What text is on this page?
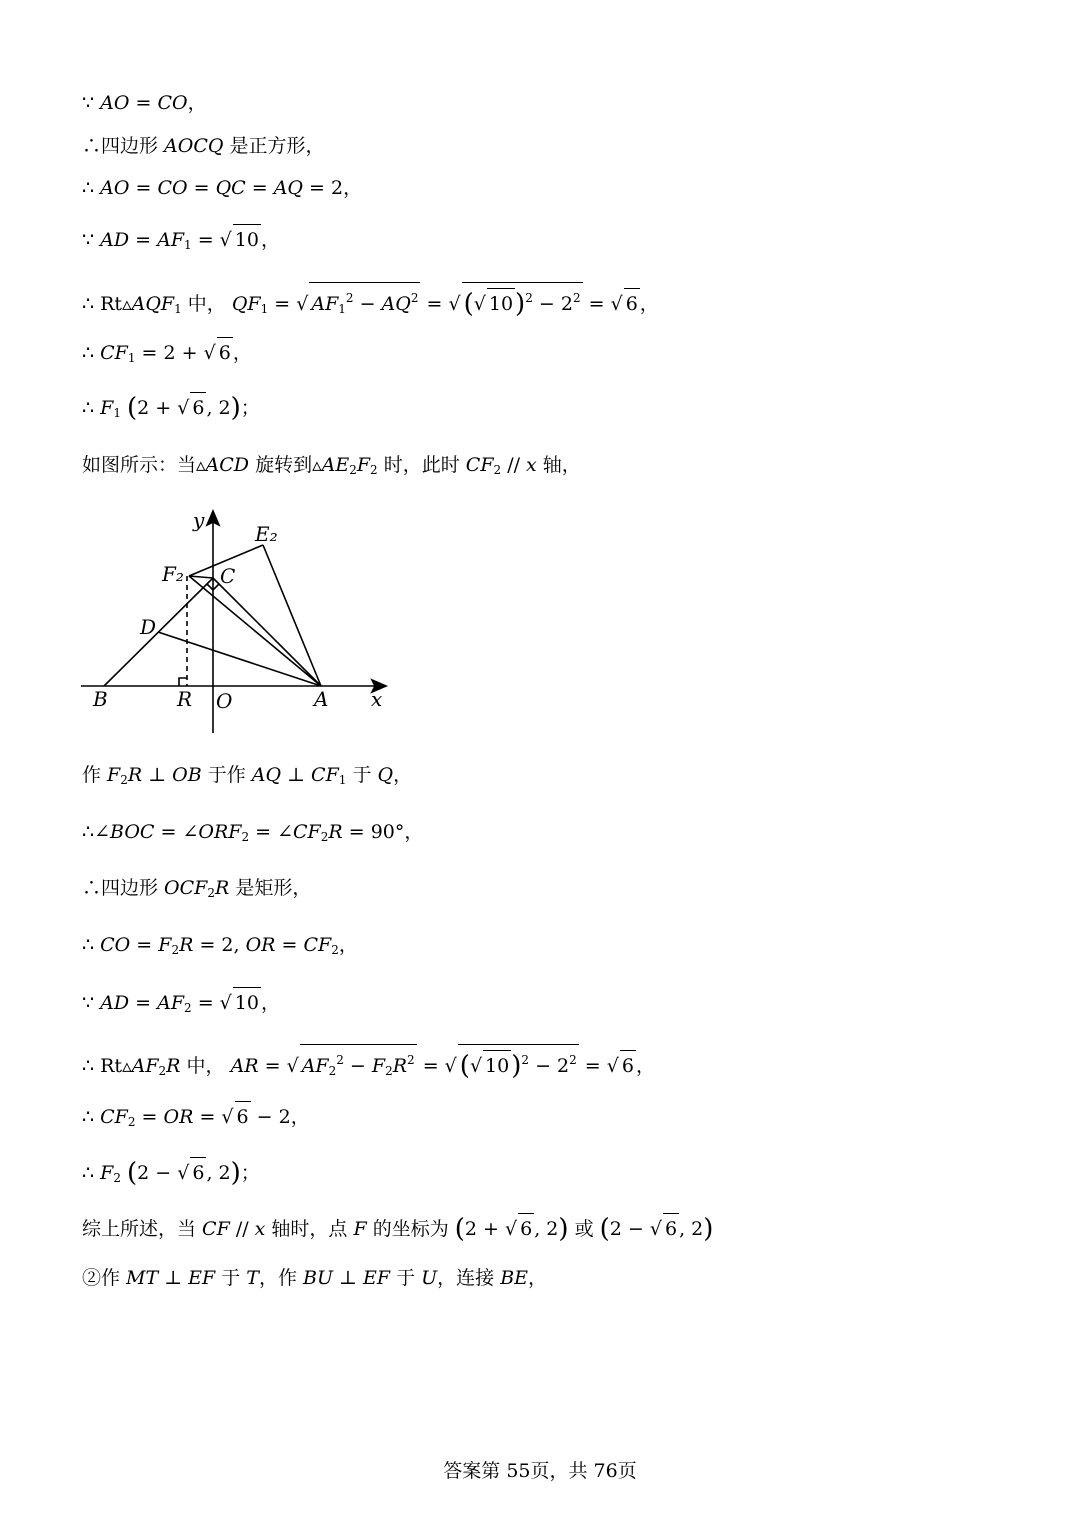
∵ AO = CO，
∴四边形 AOCQ 是正方形，
∴ AO = CO = QC = AQ = 2，
∵ AD = $AF_1$ = √ 10 ，
∴ $Rt▵AQF_1$ 中， $QF_1$ = √ $AF_1^2 - AQ^2$ = √ (√ $10)^2 - 2^2$ = √ 6 ，
∴ $CF_1 = 2$ + √ 6 ，
∴ $F_1$ (2 + √ 6 , 2)；
如图所示：当▵ACD 旋转到$▵AE_2F_2$ 时，此时 $CF_2$ // x 轴，
作 $F_2R$ ⊥ OB 于作 AQ ⊥ $CF_1$ 于 Q，
∴∠BOC = $\angle ORF_2$ = $\angle CF_2R = 90^\circ$，
∴四边形 $OCF_2R$ 是矩形，
∴ CO = $F_2R = 2$, OR = $CF_2$，
∵ AD = $AF_2$ = √ 10 ，
∴ $Rt▵AF_2R$ 中， AR = √ $AF_2^2 - F_2R^2$ = √ (√ $10)^2 - 2^2$ = √ 6 ，
∴ $CF_2$ = OR = √ 6 − 2，
∴ $F_2$ (2 − √ 6 , 2)；
综上所述，当 CF // x 轴时，点 F 的坐标为 (2 + √ 6 , 2) 或 (2 − √ 6 , 2)
②作 MT ⊥ EF 于 T，作 BU ⊥ EF 于 U，连接 BE，
y
E₂
F₂ C
D
B	R O	A x
答案第 55页，共 76页
